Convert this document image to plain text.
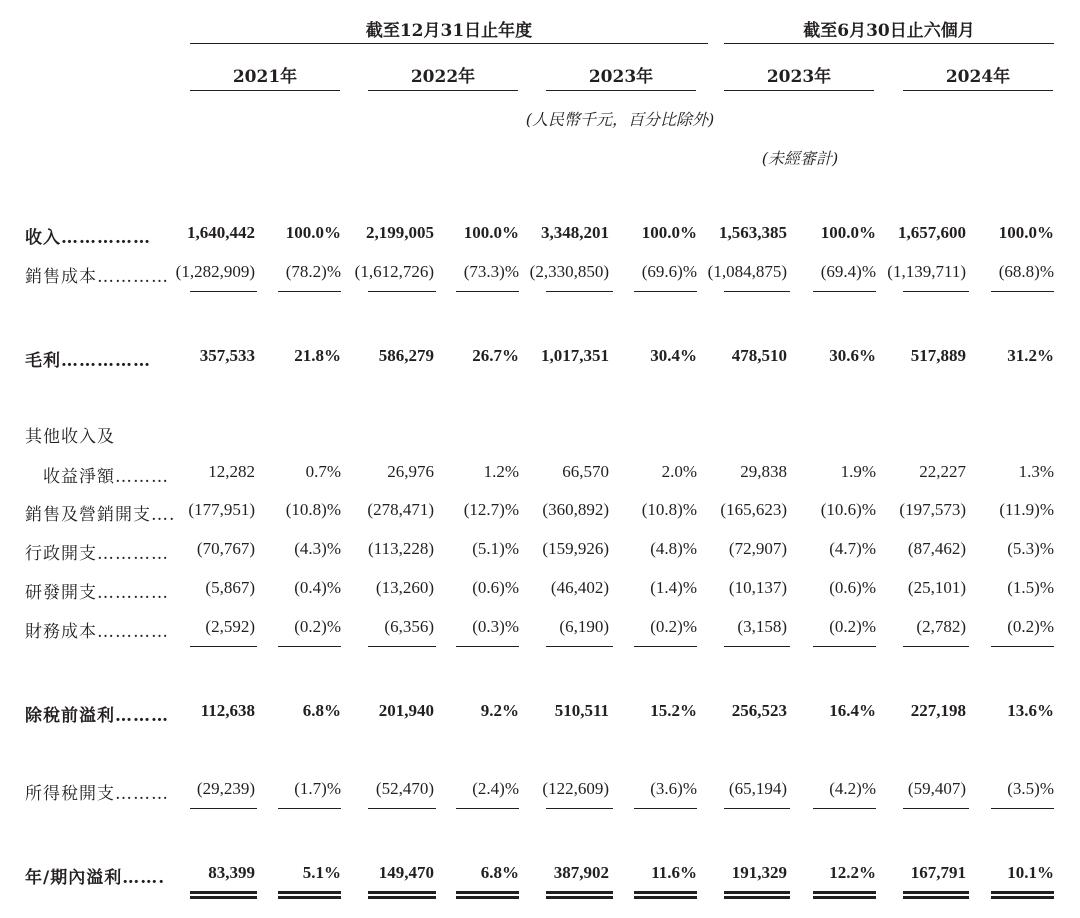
截至12月31日止年度	截至6月30日止六個月
2021年	2022年	2023年	2023年	2024年
(人民幣千元，百分比除外)
(未經審計)
收入……………	1,640,442	100.0%	2,199,005	100.0%	3,348,201	100.0%	1,563,385	100.0%	1,657,600	100.0%
銷售成本………… (1,282,909)	(78.2)% (1,612,726)	(73.3)% (2,330,850)	(69.6)% (1,084,875)	(69.4)% (1,139,711)	(68.8)%
毛利……………	357,533	21.8%	586,279	26.7%	1,017,351	30.4%	478,510	30.6%	517,889	31.2%
其他收入及
　收益淨額………	12,282	0.7%	26,976	1.2%	66,570	2.0%	29,838	1.9%	22,227	1.3%
銷售及營銷開支…. (177,951)	(10.8)%	(278,471)	(12.7)%	(360,892)	(10.8)%	(165,623)	(10.6)%	(197,573)	(11.9)%
行政開支…………	(70,767)	(4.3)%	(113,228)	(5.1)%	(159,926)	(4.8)%	(72,907)	(4.7)%	(87,462)	(5.3)%
研發開支…………	(5,867)	(0.4)%	(13,260)	(0.6)%	(46,402)	(1.4)%	(10,137)	(0.6)%	(25,101)	(1.5)%
財務成本…………	(2,592)	(0.2)%	(6,356)	(0.3)%	(6,190)	(0.2)%	(3,158)	(0.2)%	(2,782)	(0.2)%
除稅前溢利………	112,638	6.8%	201,940	9.2%	510,511	15.2%	256,523	16.4%	227,198	13.6%
所得稅開支………	(29,239)	(1.7)%	(52,470)	(2.4)%	(122,609)	(3.6)%	(65,194)	(4.2)%	(59,407)	(3.5)%
年/期內溢利…….	83,399	5.1%	149,470	6.8%	387,902	11.6%	191,329	12.2%	167,791	10.1%
